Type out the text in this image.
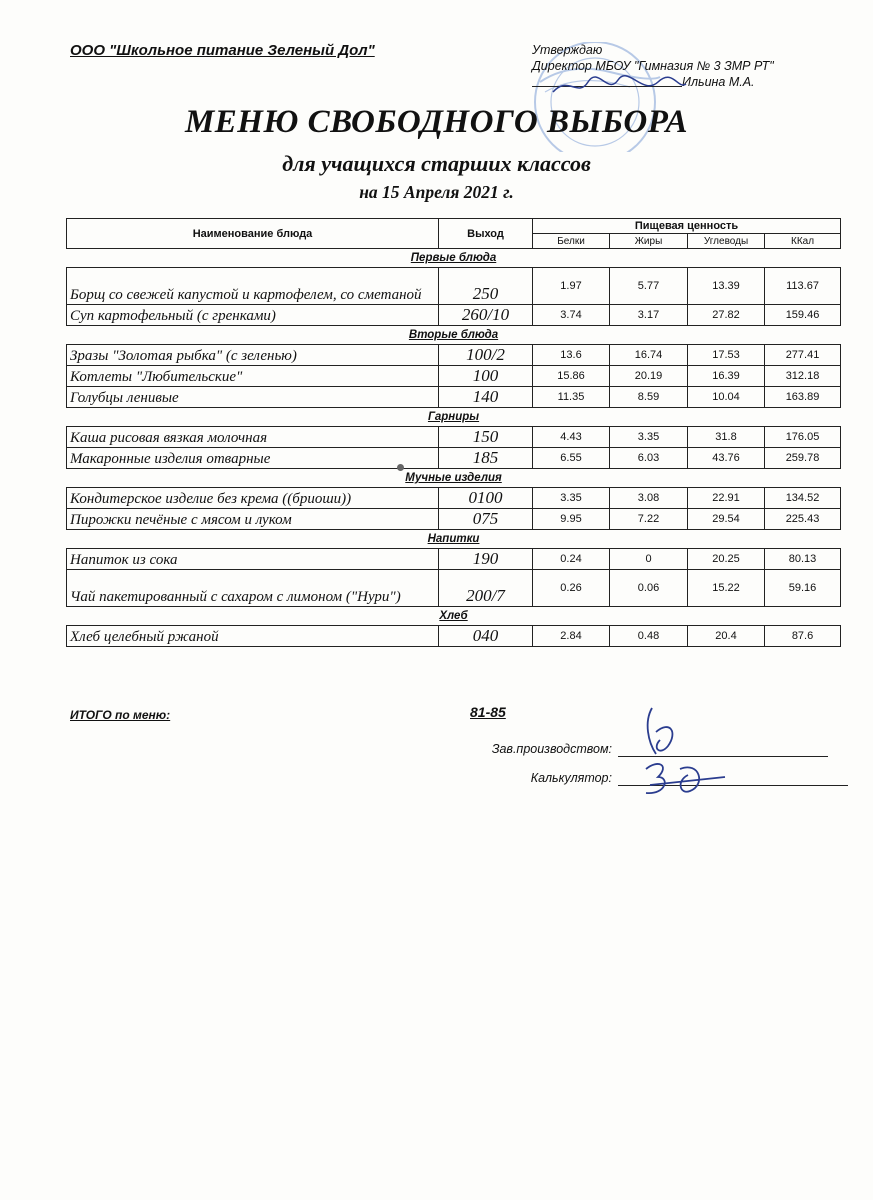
ООО "Школьное питание Зеленый Дол"	Утверждаю
Директор МБОУ "Гимназия № 3 ЗМР РТ"
Ильина М.А.
МЕНЮ СВОБОДНОГО ВЫБОРА
для учащихся старших классов
на 15 Апреля 2021 г.
Наименование блюда	Выход	Пищевая ценность			
		Белки	Жиры	Углеводы	ККал
Первые блюда					
Борщ со свежей капустой и картофелем, со сметаной	250	1.97	5.77	13.39	113.67
Суп картофельный (с гренками)	260/10	3.74	3.17	27.82	159.46
Вторые блюда					
Зразы "Золотая рыбка" (с зеленью)	100/2	13.6	16.74	17.53	277.41
Котлеты "Любительские"	100	15.86	20.19	16.39	312.18
Голубцы ленивые	140	11.35	8.59	10.04	163.89
Гарниры					
Каша рисовая вязкая молочная	150	4.43	3.35	31.8	176.05
Макаронные изделия отварные	185	6.55	6.03	43.76	259.78
Мучные изделия					
Кондитерское изделие без крема ((бриоши))	0100	3.35	3.08	22.91	134.52
Пирожки печёные с мясом и луком	075	9.95	7.22	29.54	225.43
Напитки					
Напиток из сока	190	0.24	0	20.25	80.13
Чай пакетированный с сахаром с лимоном ("Нури")	200/7	0.26	0.06	15.22	59.16
Хлеб					
Хлеб целебный ржаной	040	2.84	0.48	20.4	87.6
ИТОГО по меню:	81-85
Зав.производством:
Калькулятор:
